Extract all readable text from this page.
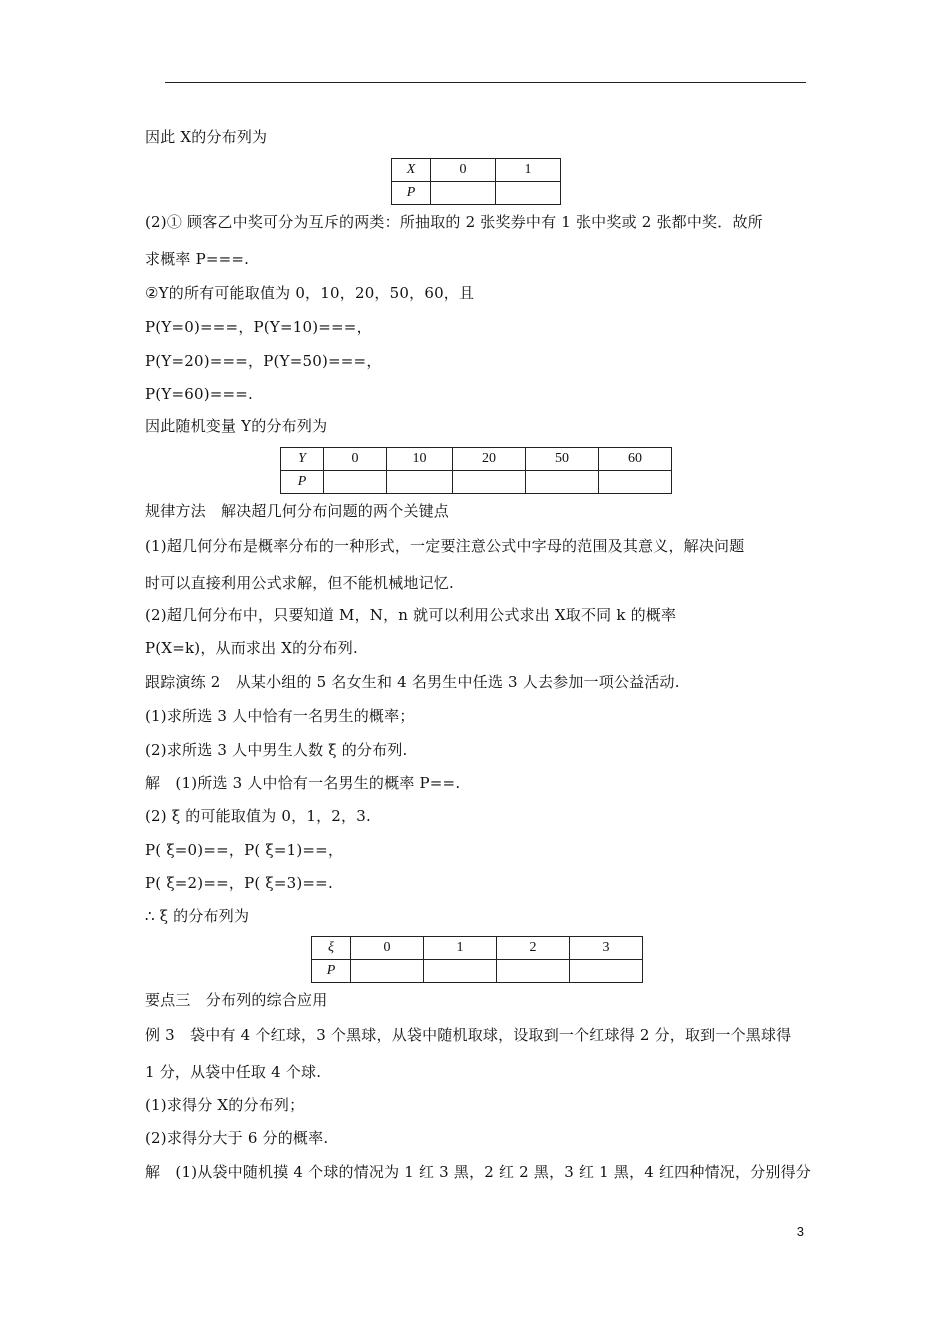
因此 X的分布列为
X	0	1
P		
(2)① 顾客乙中奖可分为互斥的两类：所抽取的 2 张奖券中有 1 张中奖或 2 张都中奖．故所
求概率 P===.
②Y的所有可能取值为 0，10，20，50，60，且
P(Y=0)===，P(Y=10)===，
P(Y=20)===，P(Y=50)===，
P(Y=60)===.
因此随机变量 Y的分布列为
Y	0	10	20	50	60
P					
规律方法　解决超几何分布问题的两个关键点
(1)超几何分布是概率分布的一种形式，一定要注意公式中字母的范围及其意义，解决问题
时可以直接利用公式求解，但不能机械地记忆.
(2)超几何分布中，只要知道 M，N，n 就可以利用公式求出 X取不同 k 的概率
P(X=k)，从而求出 X的分布列.
跟踪演练 2　从某小组的 5 名女生和 4 名男生中任选 3 人去参加一项公益活动.
(1)求所选 3 人中恰有一名男生的概率；
(2)求所选 3 人中男生人数 ξ 的分布列.
解　(1)所选 3 人中恰有一名男生的概率 P==.
(2) ξ 的可能取值为 0，1，2，3.
P( ξ=0)==，P( ξ=1)==，
P( ξ=2)==，P( ξ=3)==.
∴ ξ 的分布列为
ξ	0	1	2	3
P				
要点三　分布列的综合应用
例 3　袋中有 4 个红球，3 个黑球，从袋中随机取球，设取到一个红球得 2 分，取到一个黑球得
1 分，从袋中任取 4 个球.
(1)求得分 X的分布列；
(2)求得分大于 6 分的概率.
解　(1)从袋中随机摸 4 个球的情况为 1 红 3 黑，2 红 2 黑，3 红 1 黑，4 红四种情况，分别得分
3
